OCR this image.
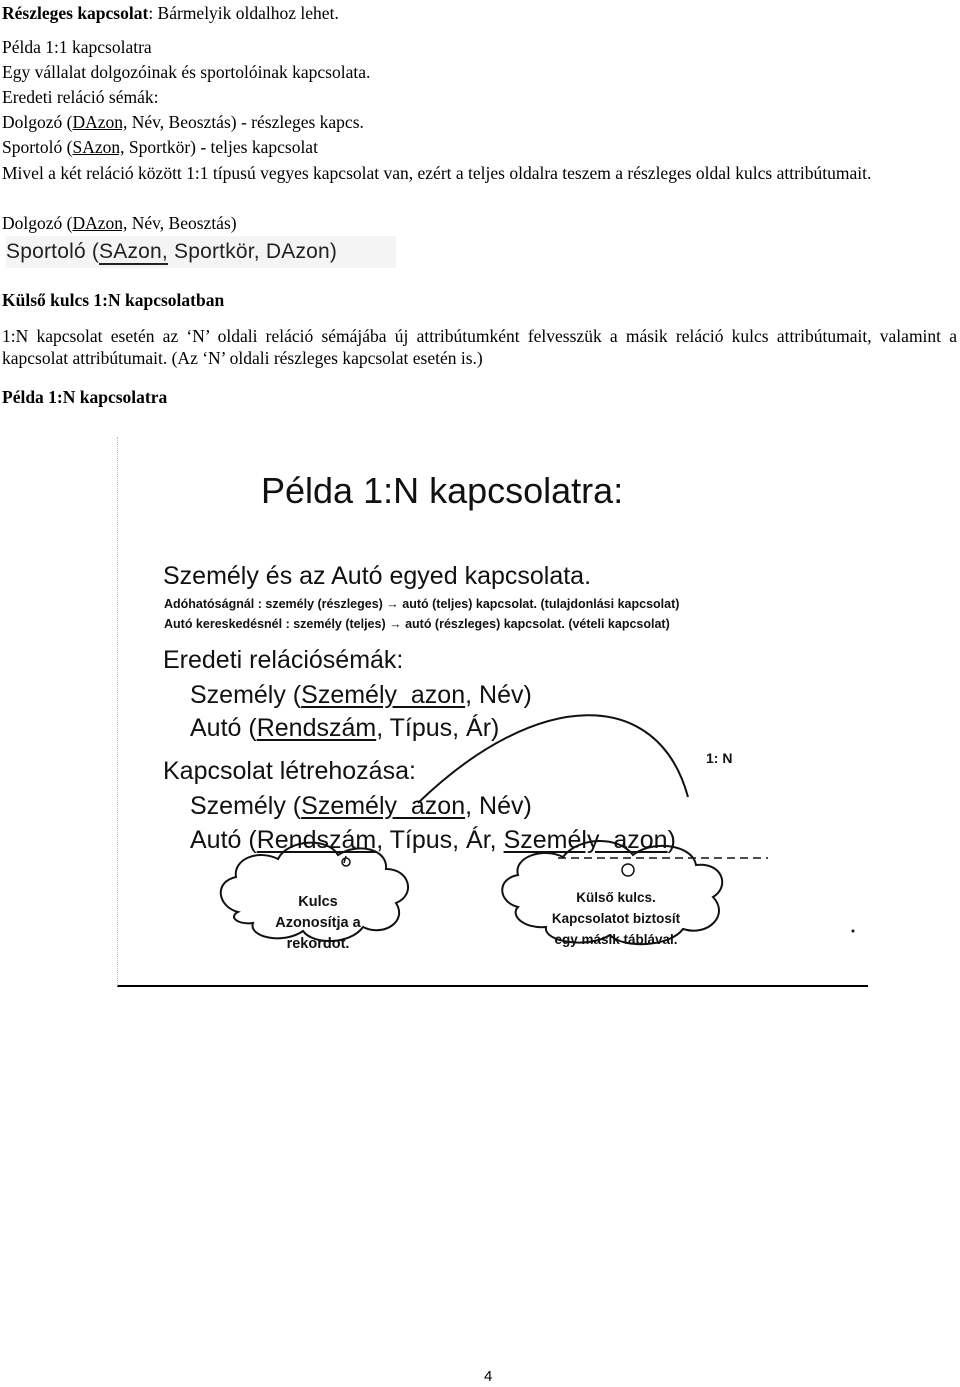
Részleges kapcsolat: Bármelyik oldalhoz lehet.
Példa 1:1 kapcsolatra
Egy vállalat dolgozóinak és sportolóinak kapcsolata.
Eredeti reláció sémák:
Dolgozó (DAzon, Név, Beosztás) - részleges kapcs.
Sportoló (SAzon, Sportkör) - teljes kapcsolat
Mivel a két reláció között 1:1 típusú vegyes kapcsolat van, ezért a teljes oldalra teszem a részleges oldal kulcs attribútumait.
Dolgozó (DAzon, Név, Beosztás)
Sportoló (SAzon, Sportkör, DAzon)
Külső kulcs 1:N kapcsolatban
1:N kapcsolat esetén az ‘N’ oldali reláció sémájába új attribútumként felvesszük a másik reláció kulcs attribútumait, valamint a kapcsolat attribútumait. (Az ‘N’ oldali részleges kapcsolat esetén is.)
Példa 1:N kapcsolatra
Példa 1:N kapcsolatra:
Személy és az Autó egyed kapcsolata.
Adóhatóságnál : személy (részleges) → autó (teljes) kapcsolat. (tulajdonlási kapcsolat)
Autó kereskedésnél : személy (teljes) → autó (részleges) kapcsolat. (vételi kapcsolat)
Eredeti relációsémák:
Személy (Személy_azon, Név)
Autó (Rendszám, Típus, Ár)
Kapcsolat létrehozása:
Személy (Személy_azon, Név)
Autó (Rendszám, Típus, Ár, Személy_azon)
1: N
Kulcs
Azonosítja a
rekordot.
Külső kulcs.
Kapcsolatot biztosít
egy másik táblával.
4
